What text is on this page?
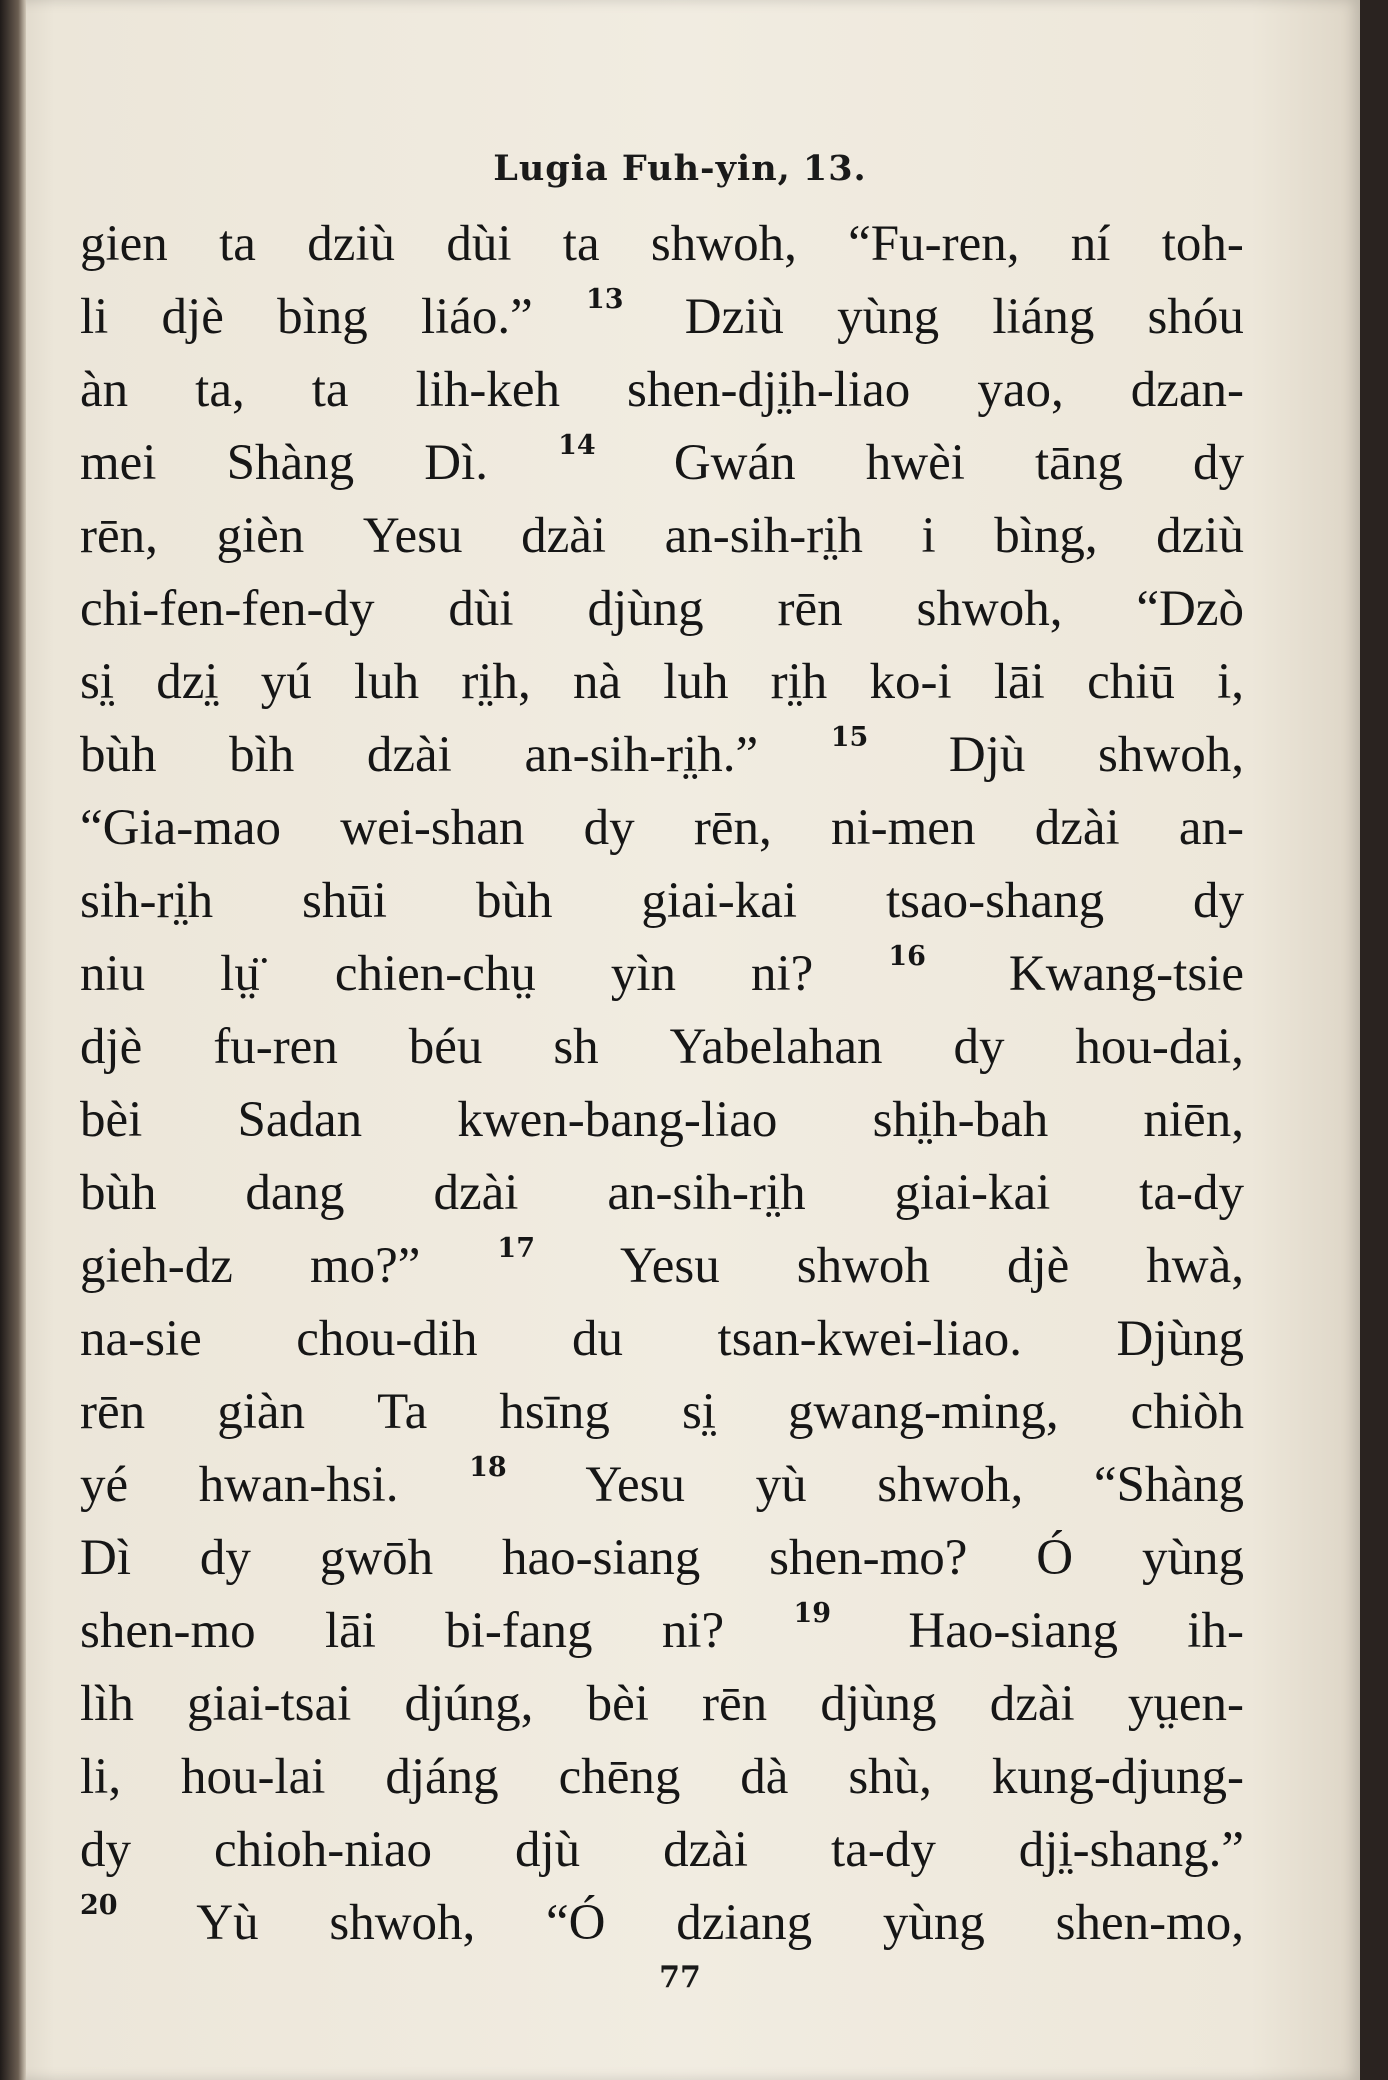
Lugia Fuh-yin, 13.
gien ta dziù dùi ta shwoh, “Fu-ren, ní toh-
li djè bìng liáo.” 13 Dziù yùng liáng shóu
àn ta, ta lih-keh shen-dji̤h-liao yao, dzan-
mei Shàng Dì.	14 Gwán hwèi tāng dy
rēn, gièn Yesu dzài an-sih-ri̤h i bìng, dziù
chi-fen-fen-dy dùi djùng rēn shwoh, “Dzò
si̤ dzi̤ yú luh ri̤h, nà luh ri̤h ko-i lāi chiū i,
bùh bìh dzài an-sih-ri̤h.”	15 Djù shwoh,
“Gia-mao wei-shan dy rēn, ni-men dzài an-
sih-ri̤h shūi bùh giai-kai tsao-shang dy
niu lṳ̈ chien-chṳ yìn ni?	16 Kwang-tsie
djè fu-ren béu sh Yabelahan dy hou-dai,
bèi Sadan kwen-bang-liao shi̤h-bah niēn,
bùh dang dzài an-sih-ri̤h giai-kai ta-dy
gieh-dz mo?”	17 Yesu shwoh djè hwà,
na-sie chou-dih du tsan-kwei-liao. Djùng
rēn giàn Ta hsīng si̤ gwang-ming, chiòh
yé hwan-hsi.	18 Yesu yù shwoh, “Shàng
Dì dy gwōh hao-siang shen-mo? Ó yùng
shen-mo lāi bi-fang ni?	19 Hao-siang ih-
lìh giai-tsai djúng, bèi rēn djùng dzài yṳen-
li, hou-lai djáng chēng dà shù, kung-djung-
dy chioh-niao djù dzài ta-dy dji̤-shang.”
20 Yù shwoh, “Ó dziang yùng shen-mo,
77
